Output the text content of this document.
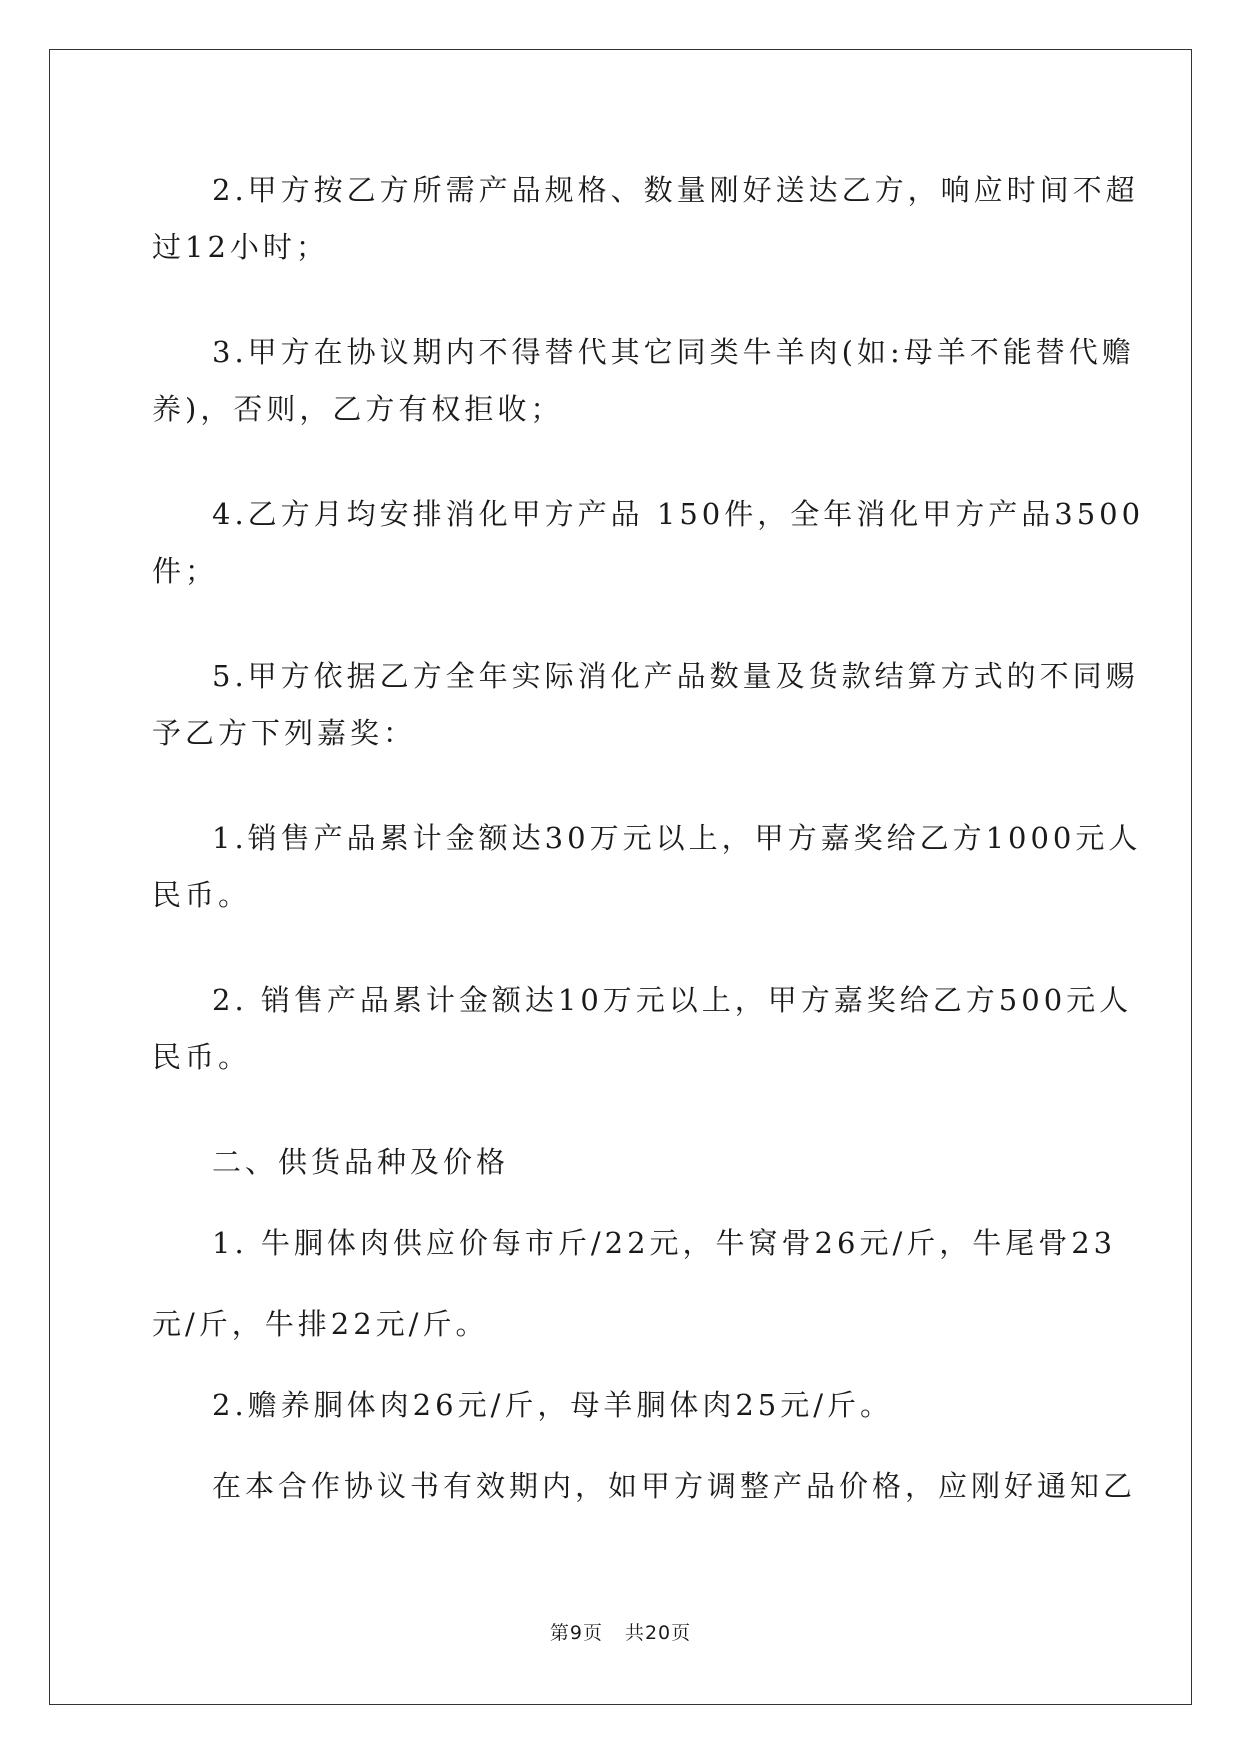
2.甲方按乙方所需产品规格、数量刚好送达乙方，响应时间不超
过12小时；
3.甲方在协议期内不得替代其它同类牛羊肉(如:母羊不能替代赡
养)，否则，乙方有权拒收；
4.乙方月均安排消化甲方产品 150件，全年消化甲方产品3500
件；
5.甲方依据乙方全年实际消化产品数量及货款结算方式的不同赐
予乙方下列嘉奖：
1.销售产品累计金额达30万元以上，甲方嘉奖给乙方1000元人
民币。
2. 销售产品累计金额达10万元以上，甲方嘉奖给乙方500元人
民币。
二、供货品种及价格
1. 牛胴体肉供应价每市斤/22元，牛窝骨26元/斤，牛尾骨23
元/斤，牛排22元/斤。
2.赡养胴体肉26元/斤，母羊胴体肉25元/斤。
在本合作协议书有效期内，如甲方调整产品价格，应刚好通知乙
第9页 共20页
